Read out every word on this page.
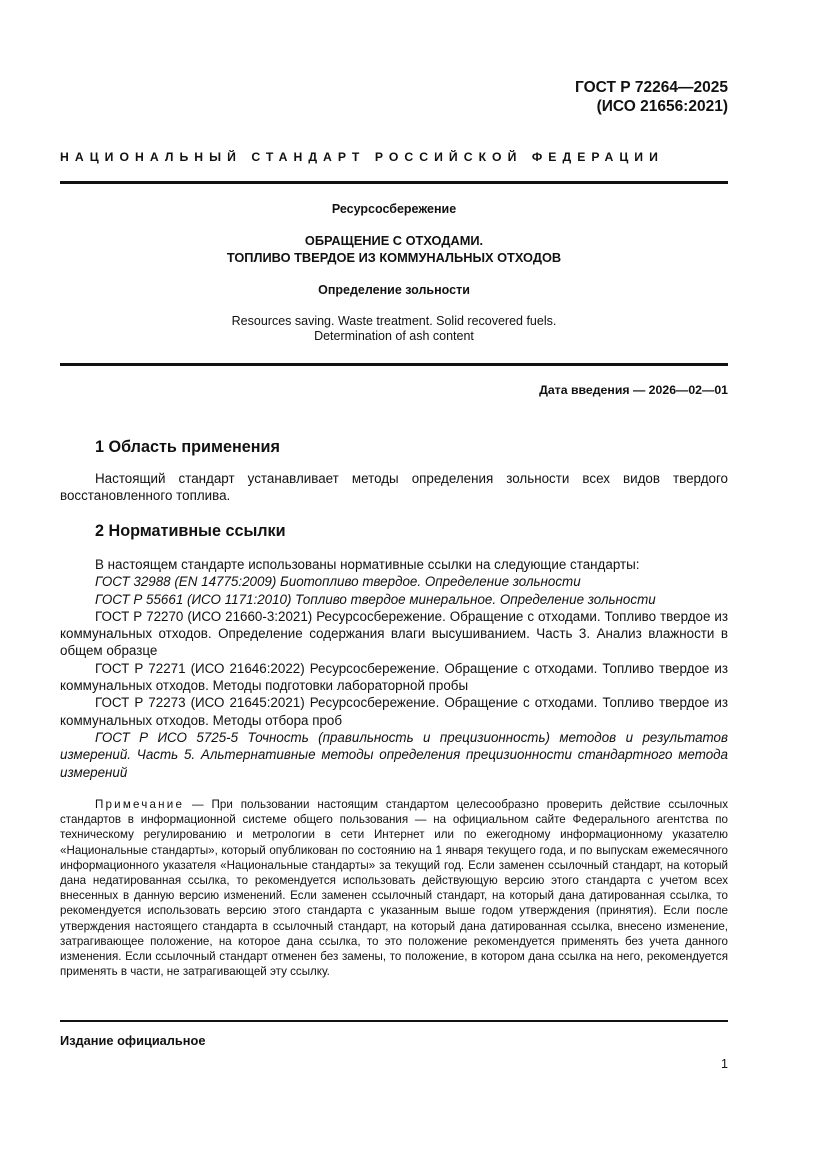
ГОСТ Р 72264—2025
(ИСО 21656:2021)
НАЦИОНАЛЬНЫЙ СТАНДАРТ РОССИЙСКОЙ ФЕДЕРАЦИИ
Ресурсосбережение
ОБРАЩЕНИЕ С ОТХОДАМИ.
ТОПЛИВО ТВЕРДОЕ ИЗ КОММУНАЛЬНЫХ ОТХОДОВ
Определение зольности
Resources saving. Waste treatment. Solid recovered fuels.
Determination of ash content
Дата введения — 2026—02—01
1 Область применения

Настоящий стандарт устанавливает методы определения зольности всех видов твердого восстановленного топлива.

2 Нормативные ссылки

В настоящем стандарте использованы нормативные ссылки на следующие стандарты:

ГОСТ 32988 (EN 14775:2009) Биотопливо твердое. Определение зольности

ГОСТ Р 55661 (ИСО 1171:2010) Топливо твердое минеральное. Определение зольности

ГОСТ Р 72270 (ИСО 21660-3:2021) Ресурсосбережение. Обращение с отходами. Топливо твердое из коммунальных отходов. Определение содержания влаги высушиванием. Часть 3. Анализ влажности в общем образце

ГОСТ Р 72271 (ИСО 21646:2022) Ресурсосбережение. Обращение с отходами. Топливо твердое из коммунальных отходов. Методы подготовки лабораторной пробы

ГОСТ Р 72273 (ИСО 21645:2021) Ресурсосбережение. Обращение с отходами. Топливо твердое из коммунальных отходов. Методы отбора проб

ГОСТ Р ИСО 5725-5 Точность (правильность и прецизионность) методов и результатов измерений. Часть 5. Альтернативные методы определения прецизионности стандартного метода измерений

Примечание — При пользовании настоящим стандартом целесообразно проверить действие ссылочных стандартов в информационной системе общего пользования — на официальном сайте Федерального агентства по техническому регулированию и метрологии в сети Интернет или по ежегодному информационному указателю «Национальные стандарты», который опубликован по состоянию на 1 января текущего года, и по выпускам ежемесячного информационного указателя «Национальные стандарты» за текущий год. Если заменен ссылочный стандарт, на который дана недатированная ссылка, то рекомендуется использовать действующую версию этого стандарта с учетом всех внесенных в данную версию изменений. Если заменен ссылочный стандарт, на который дана датированная ссылка, то рекомендуется использовать версию этого стандарта с указанным выше годом утверждения (принятия). Если после утверждения настоящего стандарта в ссылочный стандарт, на который дана датированная ссылка, внесено изменение, затрагивающее положение, на которое дана ссылка, то это положение рекомендуется применять без учета данного изменения. Если ссылочный стандарт отменен без замены, то положение, в котором дана ссылка на него, рекомендуется применять в части, не затрагивающей эту ссылку.

Издание официальное
1
